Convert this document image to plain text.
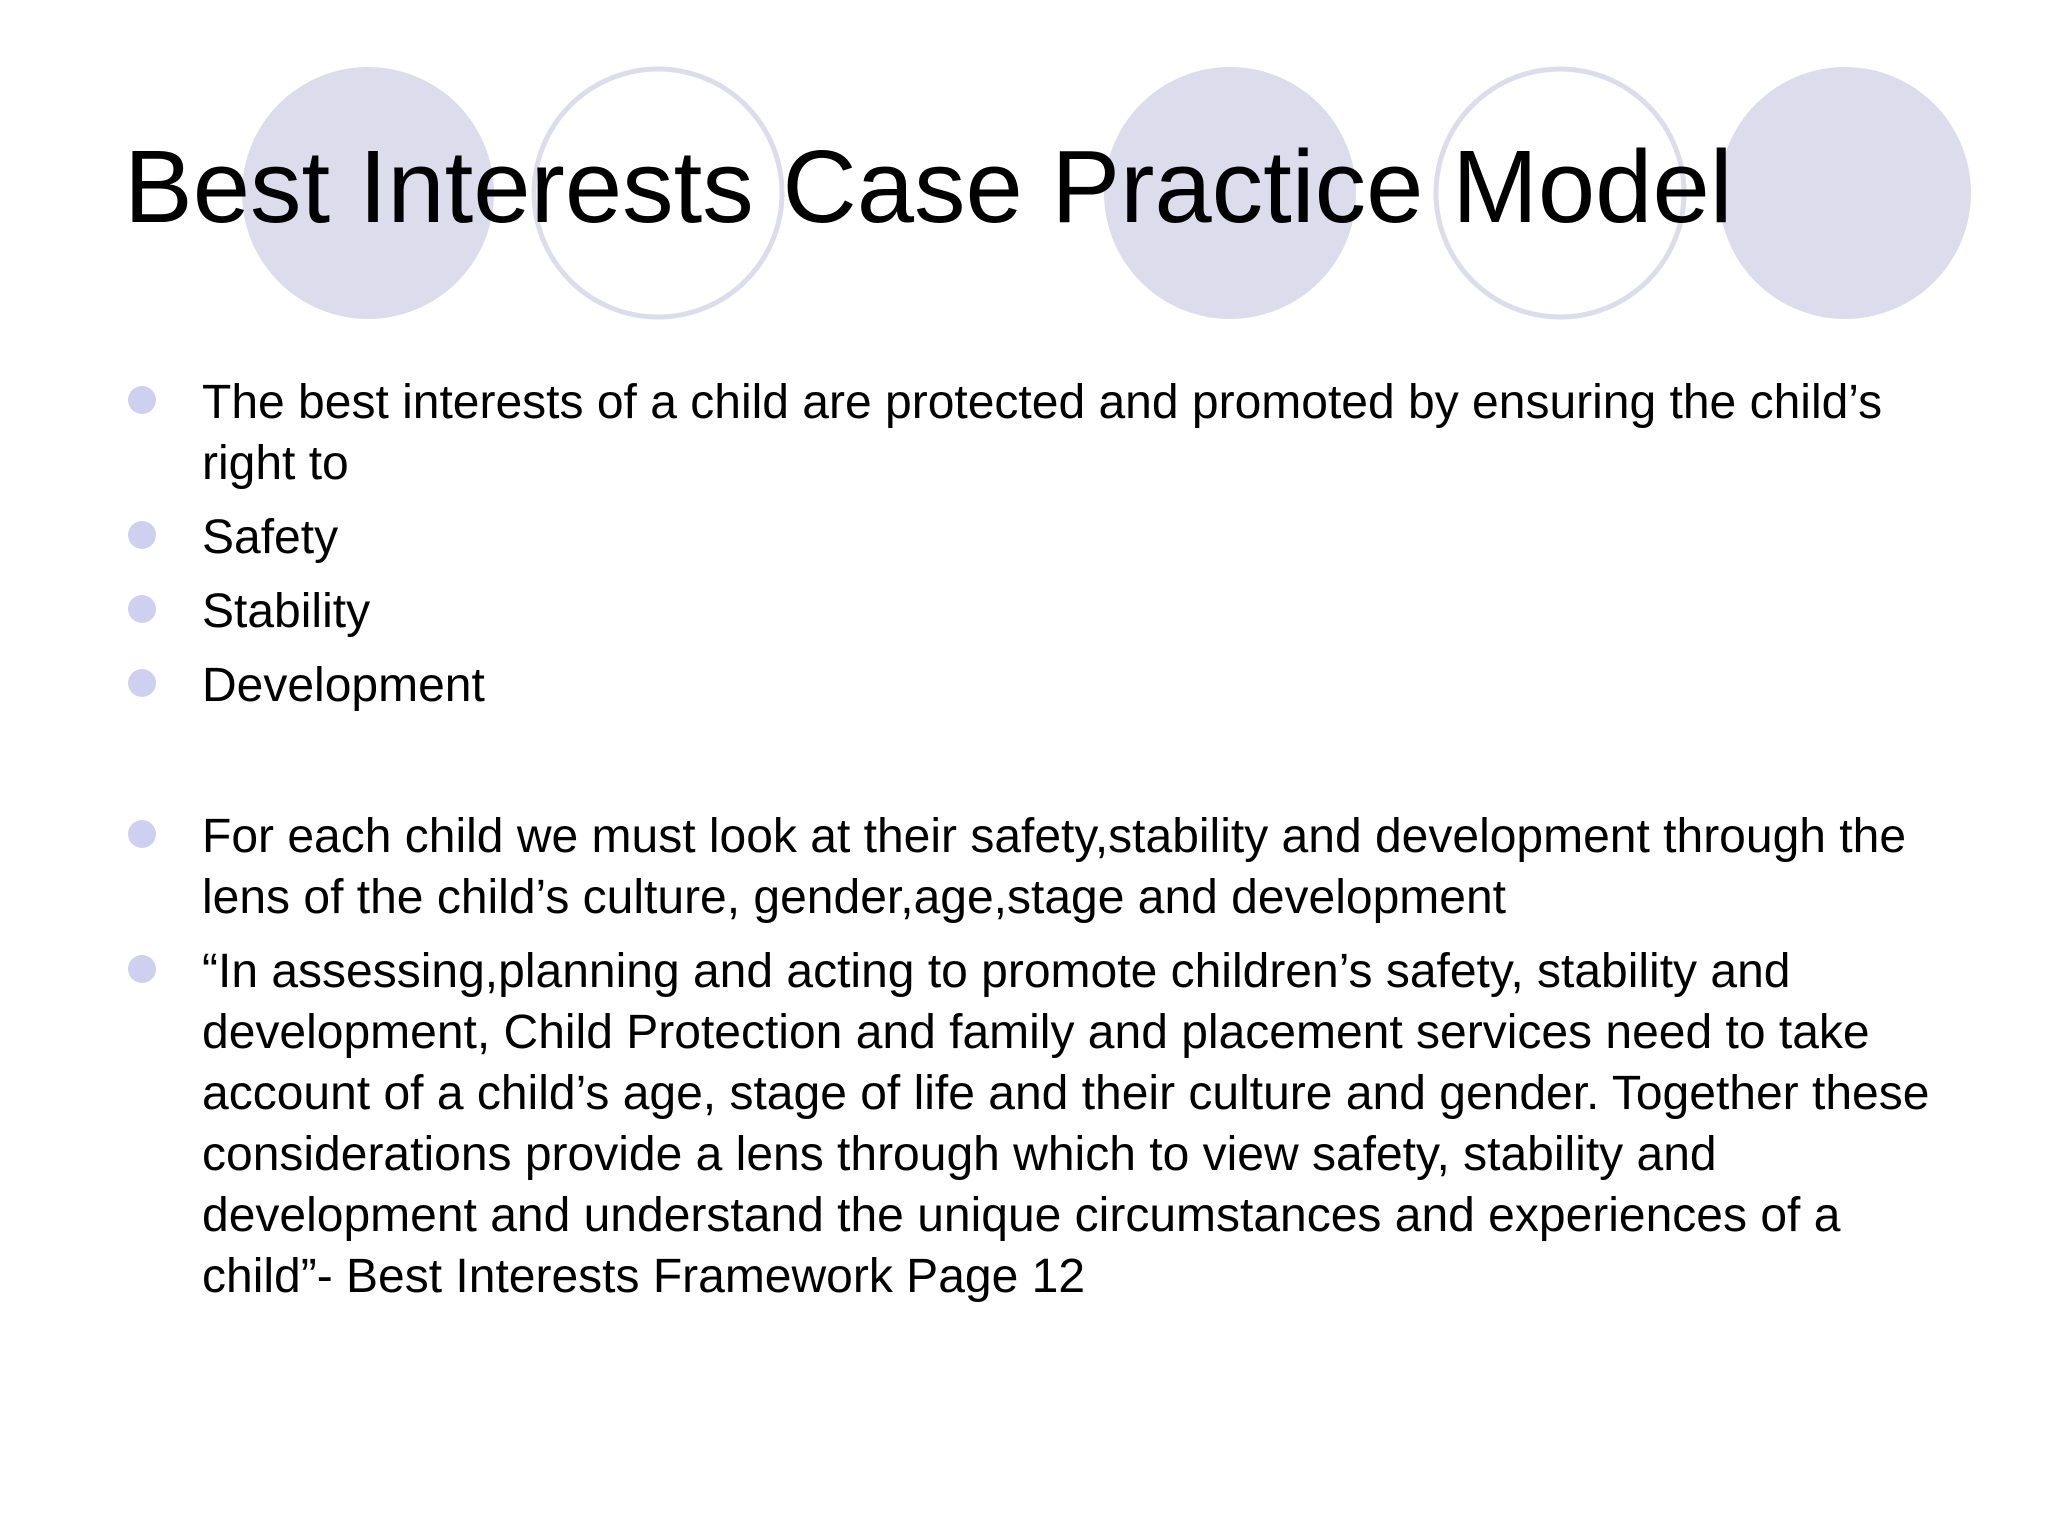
Best Interests Case Practice Model
The best interests of a child are protected and promoted by ensuring the child’s right to
Safety
Stability
Development
For each child we must look at their safety,stability and development through the lens of the child’s culture, gender,age,stage and development
“In assessing,planning and acting to promote children’s safety, stability and development, Child Protection and family and placement services need to take account of a child’s age, stage of life and their culture and gender. Together these considerations provide a lens through which to view safety, stability and development and understand the unique circumstances and experiences of a child”- Best Interests Framework Page 12
